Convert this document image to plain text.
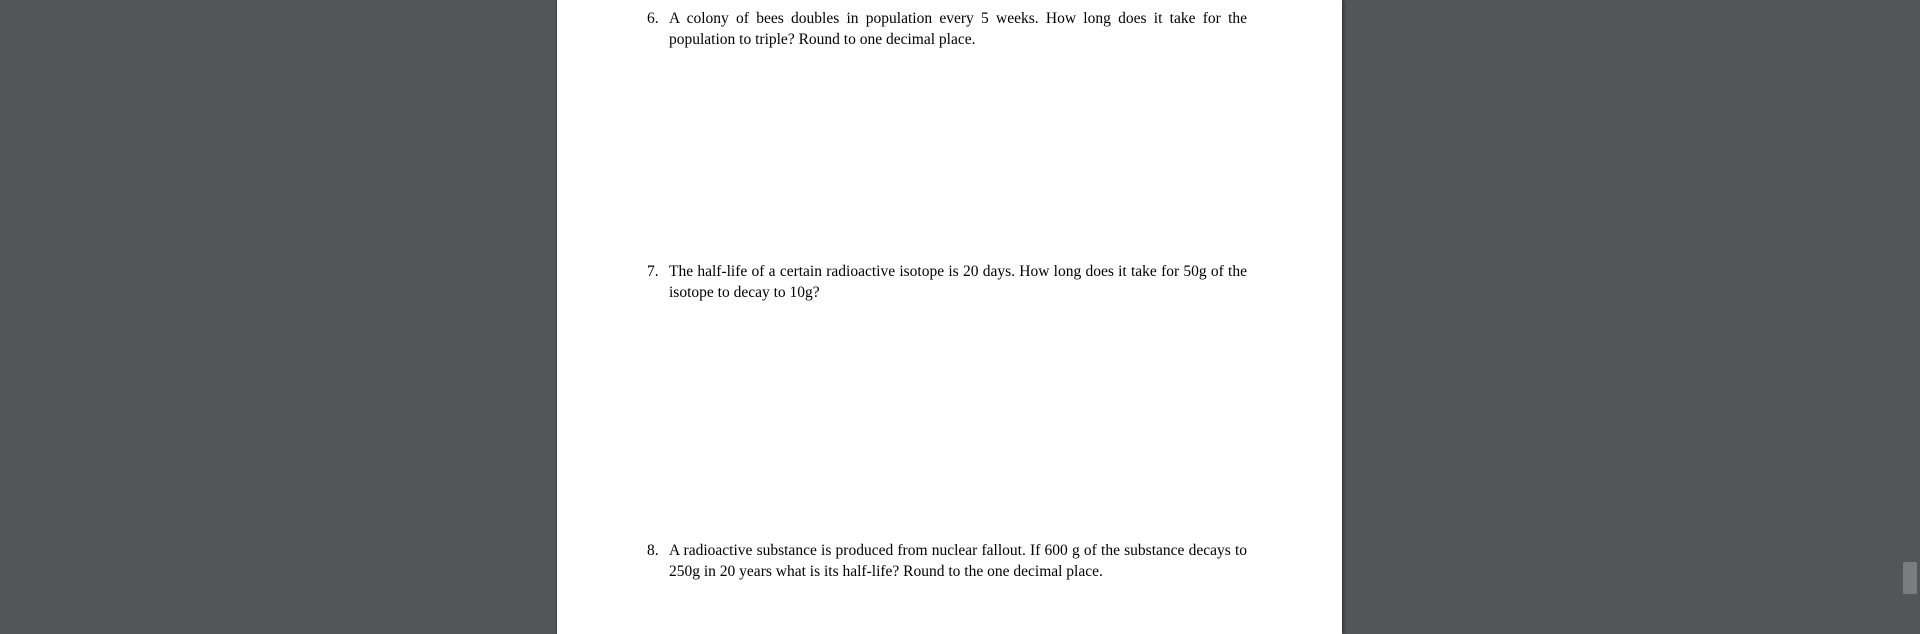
6. A colony of bees doubles in population every 5 weeks. How long does it take for the
population to triple? Round to one decimal place.
7. The half-life of a certain radioactive isotope is 20 days. How long does it take for 50g of the
isotope to decay to 10g?
8. A radioactive substance is produced from nuclear fallout. If 600 g of the substance decays to
250g in 20 years what is its half-life? Round to the one decimal place.
